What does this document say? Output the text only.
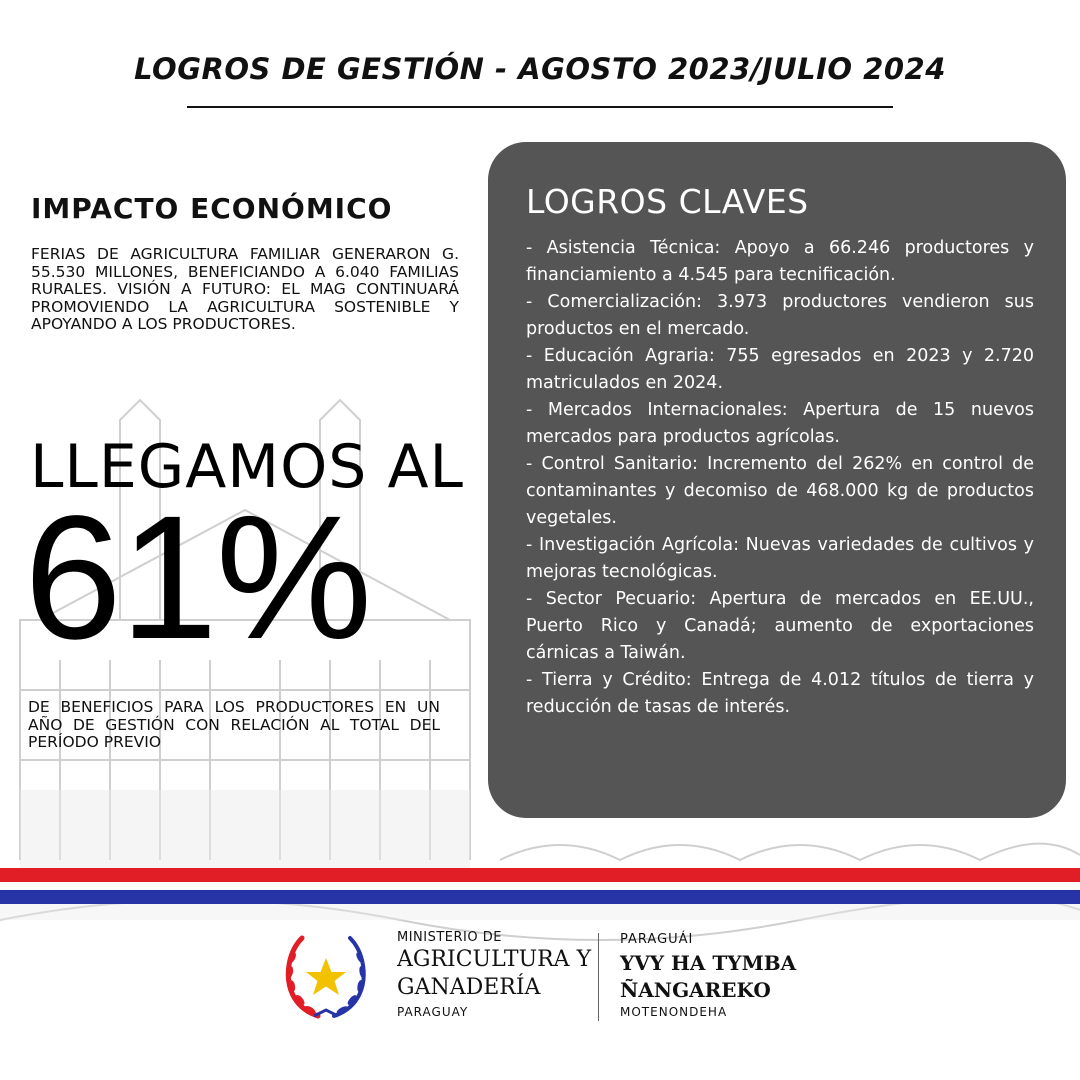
LOGROS DE GESTIÓN - AGOSTO 2023/JULIO 2024
IMPACTO ECONÓMICO
FERIAS DE AGRICULTURA FAMILIAR GENERARON G. 55.530 MILLONES, BENEFICIANDO A 6.040 FAMILIAS RURALES. VISIÓN A FUTURO: EL MAG CONTINUARÁ PROMOVIENDO LA AGRICULTURA SOSTENIBLE Y APOYANDO A LOS PRODUCTORES.
LLEGAMOS AL
61%
DE BENEFICIOS PARA LOS PRODUCTORES EN UN AÑO DE GESTIÓN CON RELACIÓN AL TOTAL DEL PERÍODO PREVIO
LOGROS CLAVES
- Asistencia Técnica: Apoyo a 66.246 productores y financiamiento a 4.545 para tecnificación.
- Comercialización: 3.973 productores vendieron sus productos en el mercado.
- Educación Agraria: 755 egresados en 2023 y 2.720 matriculados en 2024.
- Mercados Internacionales: Apertura de 15 nuevos mercados para productos agrícolas.
- Control Sanitario: Incremento del 262% en control de contaminantes y decomiso de 468.000 kg de productos vegetales.
- Investigación Agrícola: Nuevas variedades de cultivos y mejoras tecnológicas.
- Sector Pecuario: Apertura de mercados en EE.UU., Puerto Rico y Canadá; aumento de exportaciones cárnicas a Taiwán.
- Tierra y Crédito: Entrega de 4.012 títulos de tierra y reducción de tasas de interés.
MINISTERIO DE
AGRICULTURA Y
GANADERÍA
PARAGUAY
PARAGUÁI
YVY HA TYMBA
ÑANGAREKO
MOTENONDEHA
